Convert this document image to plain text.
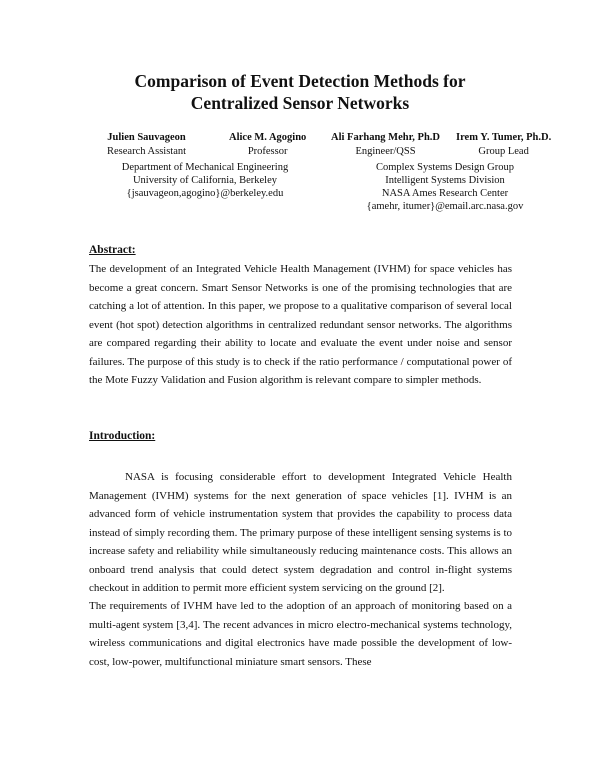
Comparison of Event Detection Methods for
Centralized Sensor Networks
Julien Sauvageon
Research Assistant
Alice M. Agogino
Professor
Ali Farhang Mehr, Ph.D
Engineer/QSS
Irem Y. Tumer, Ph.D.
Group Lead
Department of Mechanical Engineering
University of California, Berkeley
{jsauvageon,agogino}@berkeley.edu
Complex Systems Design Group
Intelligent Systems Division
NASA Ames Research Center
{amehr, itumer}@email.arc.nasa.gov
Abstract:

The development of an Integrated Vehicle Health Management (IVHM) for space vehicles has become a great concern. Smart Sensor Networks is one of the promising technologies that are catching a lot of attention. In this paper, we propose to a qualitative comparison of several local event (hot spot) detection algorithms in centralized redundant sensor networks. The algorithms are compared regarding their ability to locate and evaluate the event under noise and sensor failures. The purpose of this study is to check if the ratio performance / computational power of the Mote Fuzzy Validation and Fusion algorithm is relevant compare to simpler methods.

Introduction:

NASA is focusing considerable effort to development Integrated Vehicle Health Management (IVHM) systems for the next generation of space vehicles [1]. IVHM is an advanced form of vehicle instrumentation system that provides the capability to process data instead of simply recording them. The primary purpose of these intelligent sensing systems is to increase safety and reliability while simultaneously reducing maintenance costs. This allows an onboard trend analysis that could detect system degradation and control in-flight systems checkout in addition to permit more efficient system servicing on the ground [2].

The requirements of IVHM have led to the adoption of an approach of monitoring based on a multi-agent system [3,4]. The recent advances in micro electro-mechanical systems technology, wireless communications and digital electronics have made possible the development of low-cost, low-power, multifunctional miniature smart sensors. These
